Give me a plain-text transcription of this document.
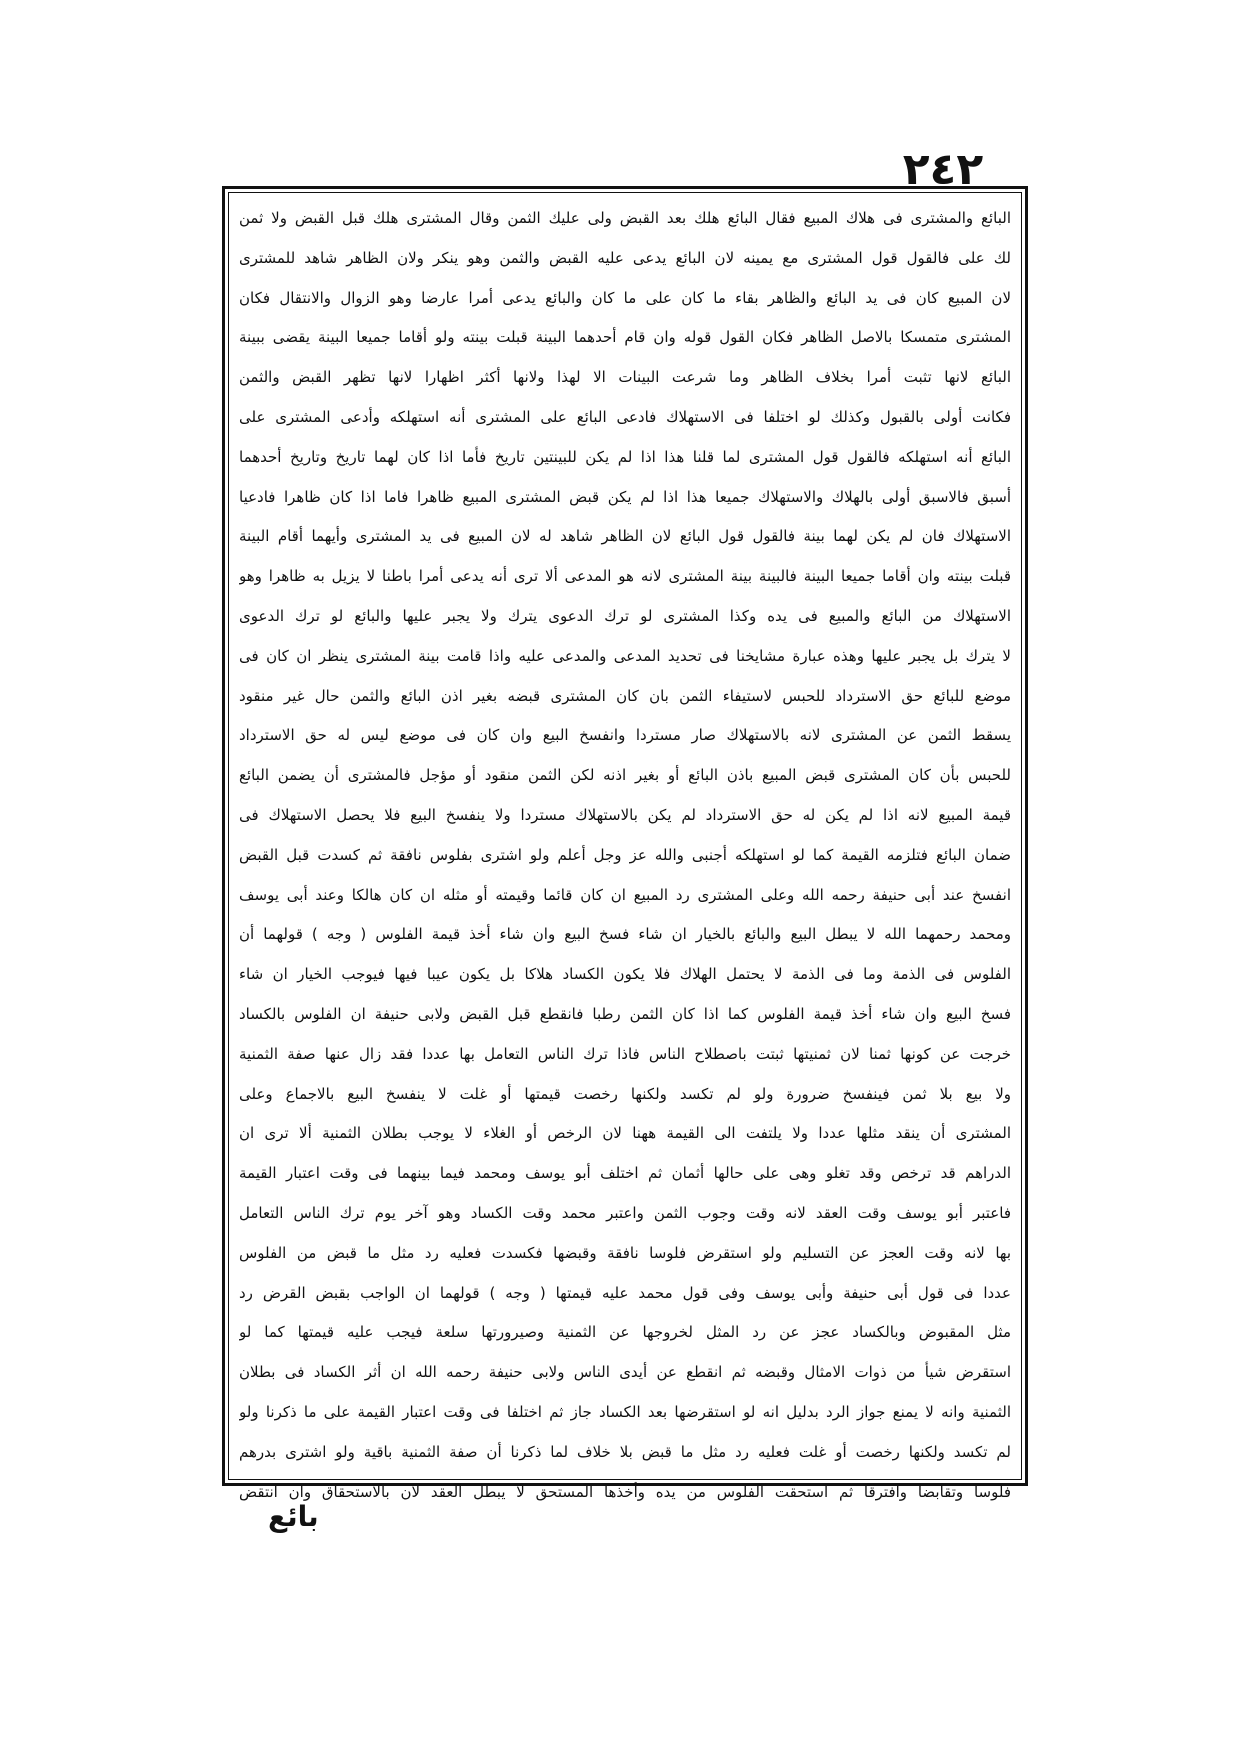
٢٤٢
البائع والمشترى فى هلاك المبيع فقال البائع هلك بعد القبض ولى عليك الثمن وقال المشترى هلك قبل القبض ولا ثمن
لك على فالقول قول المشترى مع يمينه لان البائع يدعى عليه القبض والثمن وهو ينكر ولان الظاهر شاهد للمشترى
لان المبيع كان فى يد البائع والظاهر بقاء ما كان على ما كان والبائع يدعى أمرا عارضا وهو الزوال والانتقال فكان
المشترى متمسكا بالاصل الظاهر فكان القول قوله وان قام أحدهما البينة قبلت بينته ولو أقاما جميعا البينة يقضى ببينة
البائع لانها تثبت أمرا بخلاف الظاهر وما شرعت البينات الا لهذا ولانها أكثر اظهارا لانها تظهر القبض والثمن
فكانت أولى بالقبول وكذلك لو اختلفا فى الاستهلاك فادعى البائع على المشترى أنه استهلكه وأدعى المشترى على
البائع أنه استهلكه فالقول قول المشترى لما قلنا هذا اذا لم يكن للبينتين تاريخ فأما اذا كان لهما تاريخ وتاريخ أحدهما
أسبق فالاسبق أولى بالهلاك والاستهلاك جميعا هذا اذا لم يكن قبض المشترى المبيع ظاهرا فاما اذا كان ظاهرا فادعيا
الاستهلاك فان لم يكن لهما بينة فالقول قول البائع لان الظاهر شاهد له لان المبيع فى يد المشترى وأيهما أقام البينة
قبلت بينته وان أقاما جميعا البينة فالبينة بينة المشترى لانه هو المدعى ألا ترى أنه يدعى أمرا باطنا لا يزيل به ظاهرا وهو
الاستهلاك من البائع والمبيع فى يده وكذا المشترى لو ترك الدعوى يترك ولا يجبر عليها والبائع لو ترك الدعوى
لا يترك بل يجبر عليها وهذه عبارة مشايخنا فى تحديد المدعى والمدعى عليه واذا قامت بينة المشترى ينظر ان كان فى
موضع للبائع حق الاسترداد للحبس لاستيفاء الثمن بان كان المشترى قبضه بغير اذن البائع والثمن حال غير منقود
يسقط الثمن عن المشترى لانه بالاستهلاك صار مستردا وانفسخ البيع وان كان فى موضع ليس له حق الاسترداد
للحبس بأن كان المشترى قبض المبيع باذن البائع أو بغير اذنه لكن الثمن منقود أو مؤجل فالمشترى أن يضمن البائع
قيمة المبيع لانه اذا لم يكن له حق الاسترداد لم يكن بالاستهلاك مستردا ولا ينفسخ البيع فلا يحصل الاستهلاك فى
ضمان البائع فتلزمه القيمة كما لو استهلكه أجنبى والله عز وجل أعلم ولو اشترى بفلوس نافقة ثم كسدت قبل القبض
انفسخ عند أبى حنيفة رحمه الله وعلى المشترى رد المبيع ان كان قائما وقيمته أو مثله ان كان هالكا وعند أبى يوسف
ومحمد رحمهما الله لا يبطل البيع والبائع بالخيار ان شاء فسخ البيع وان شاء أخذ قيمة الفلوس ( وجه ) قولهما أن
الفلوس فى الذمة وما فى الذمة لا يحتمل الهلاك فلا يكون الكساد هلاكا بل يكون عيبا فيها فيوجب الخيار ان شاء
فسخ البيع وان شاء أخذ قيمة الفلوس كما اذا كان الثمن رطبا فانقطع قبل القبض ولابى حنيفة ان الفلوس بالكساد
خرجت عن كونها ثمنا لان ثمنيتها ثبتت باصطلاح الناس فاذا ترك الناس التعامل بها عددا فقد زال عنها صفة الثمنية
ولا بيع بلا ثمن فينفسخ ضرورة ولو لم تكسد ولكنها رخصت قيمتها أو غلت لا ينفسخ البيع بالاجماع وعلى
المشترى أن ينقد مثلها عددا ولا يلتفت الى القيمة ههنا لان الرخص أو الغلاء لا يوجب بطلان الثمنية ألا ترى ان
الدراهم قد ترخص وقد تغلو وهى على حالها أثمان ثم اختلف أبو يوسف ومحمد فيما بينهما فى وقت اعتبار القيمة
فاعتبر أبو يوسف وقت العقد لانه وقت وجوب الثمن واعتبر محمد وقت الكساد وهو آخر يوم ترك الناس التعامل
بها لانه وقت العجز عن التسليم ولو استقرض فلوسا نافقة وقبضها فكسدت فعليه رد مثل ما قبض من الفلوس
عددا فى قول أبى حنيفة وأبى يوسف وفى قول محمد عليه قيمتها ( وجه ) قولهما ان الواجب بقبض القرض رد
مثل المقبوض وبالكساد عجز عن رد المثل لخروجها عن الثمنية وصيرورتها سلعة فيجب عليه قيمتها كما لو
استقرض شيأ من ذوات الامثال وقبضه ثم انقطع عن أيدى الناس ولابى حنيفة رحمه الله ان أثر الكساد فى بطلان
الثمنية وانه لا يمنع جواز الرد بدليل انه لو استقرضها بعد الكساد جاز ثم اختلفا فى وقت اعتبار القيمة على ما ذكرنا ولو
لم تكسد ولكنها رخصت أو غلت فعليه رد مثل ما قبض بلا خلاف لما ذكرنا أن صفة الثمنية باقية ولو اشترى بدرهم
فلوسا وتقابضا وافترقا ثم استحقت الفلوس من يده وأخذها المستحق لا يبطل العقد لان بالاستحقاق وان انتقض
بائع
